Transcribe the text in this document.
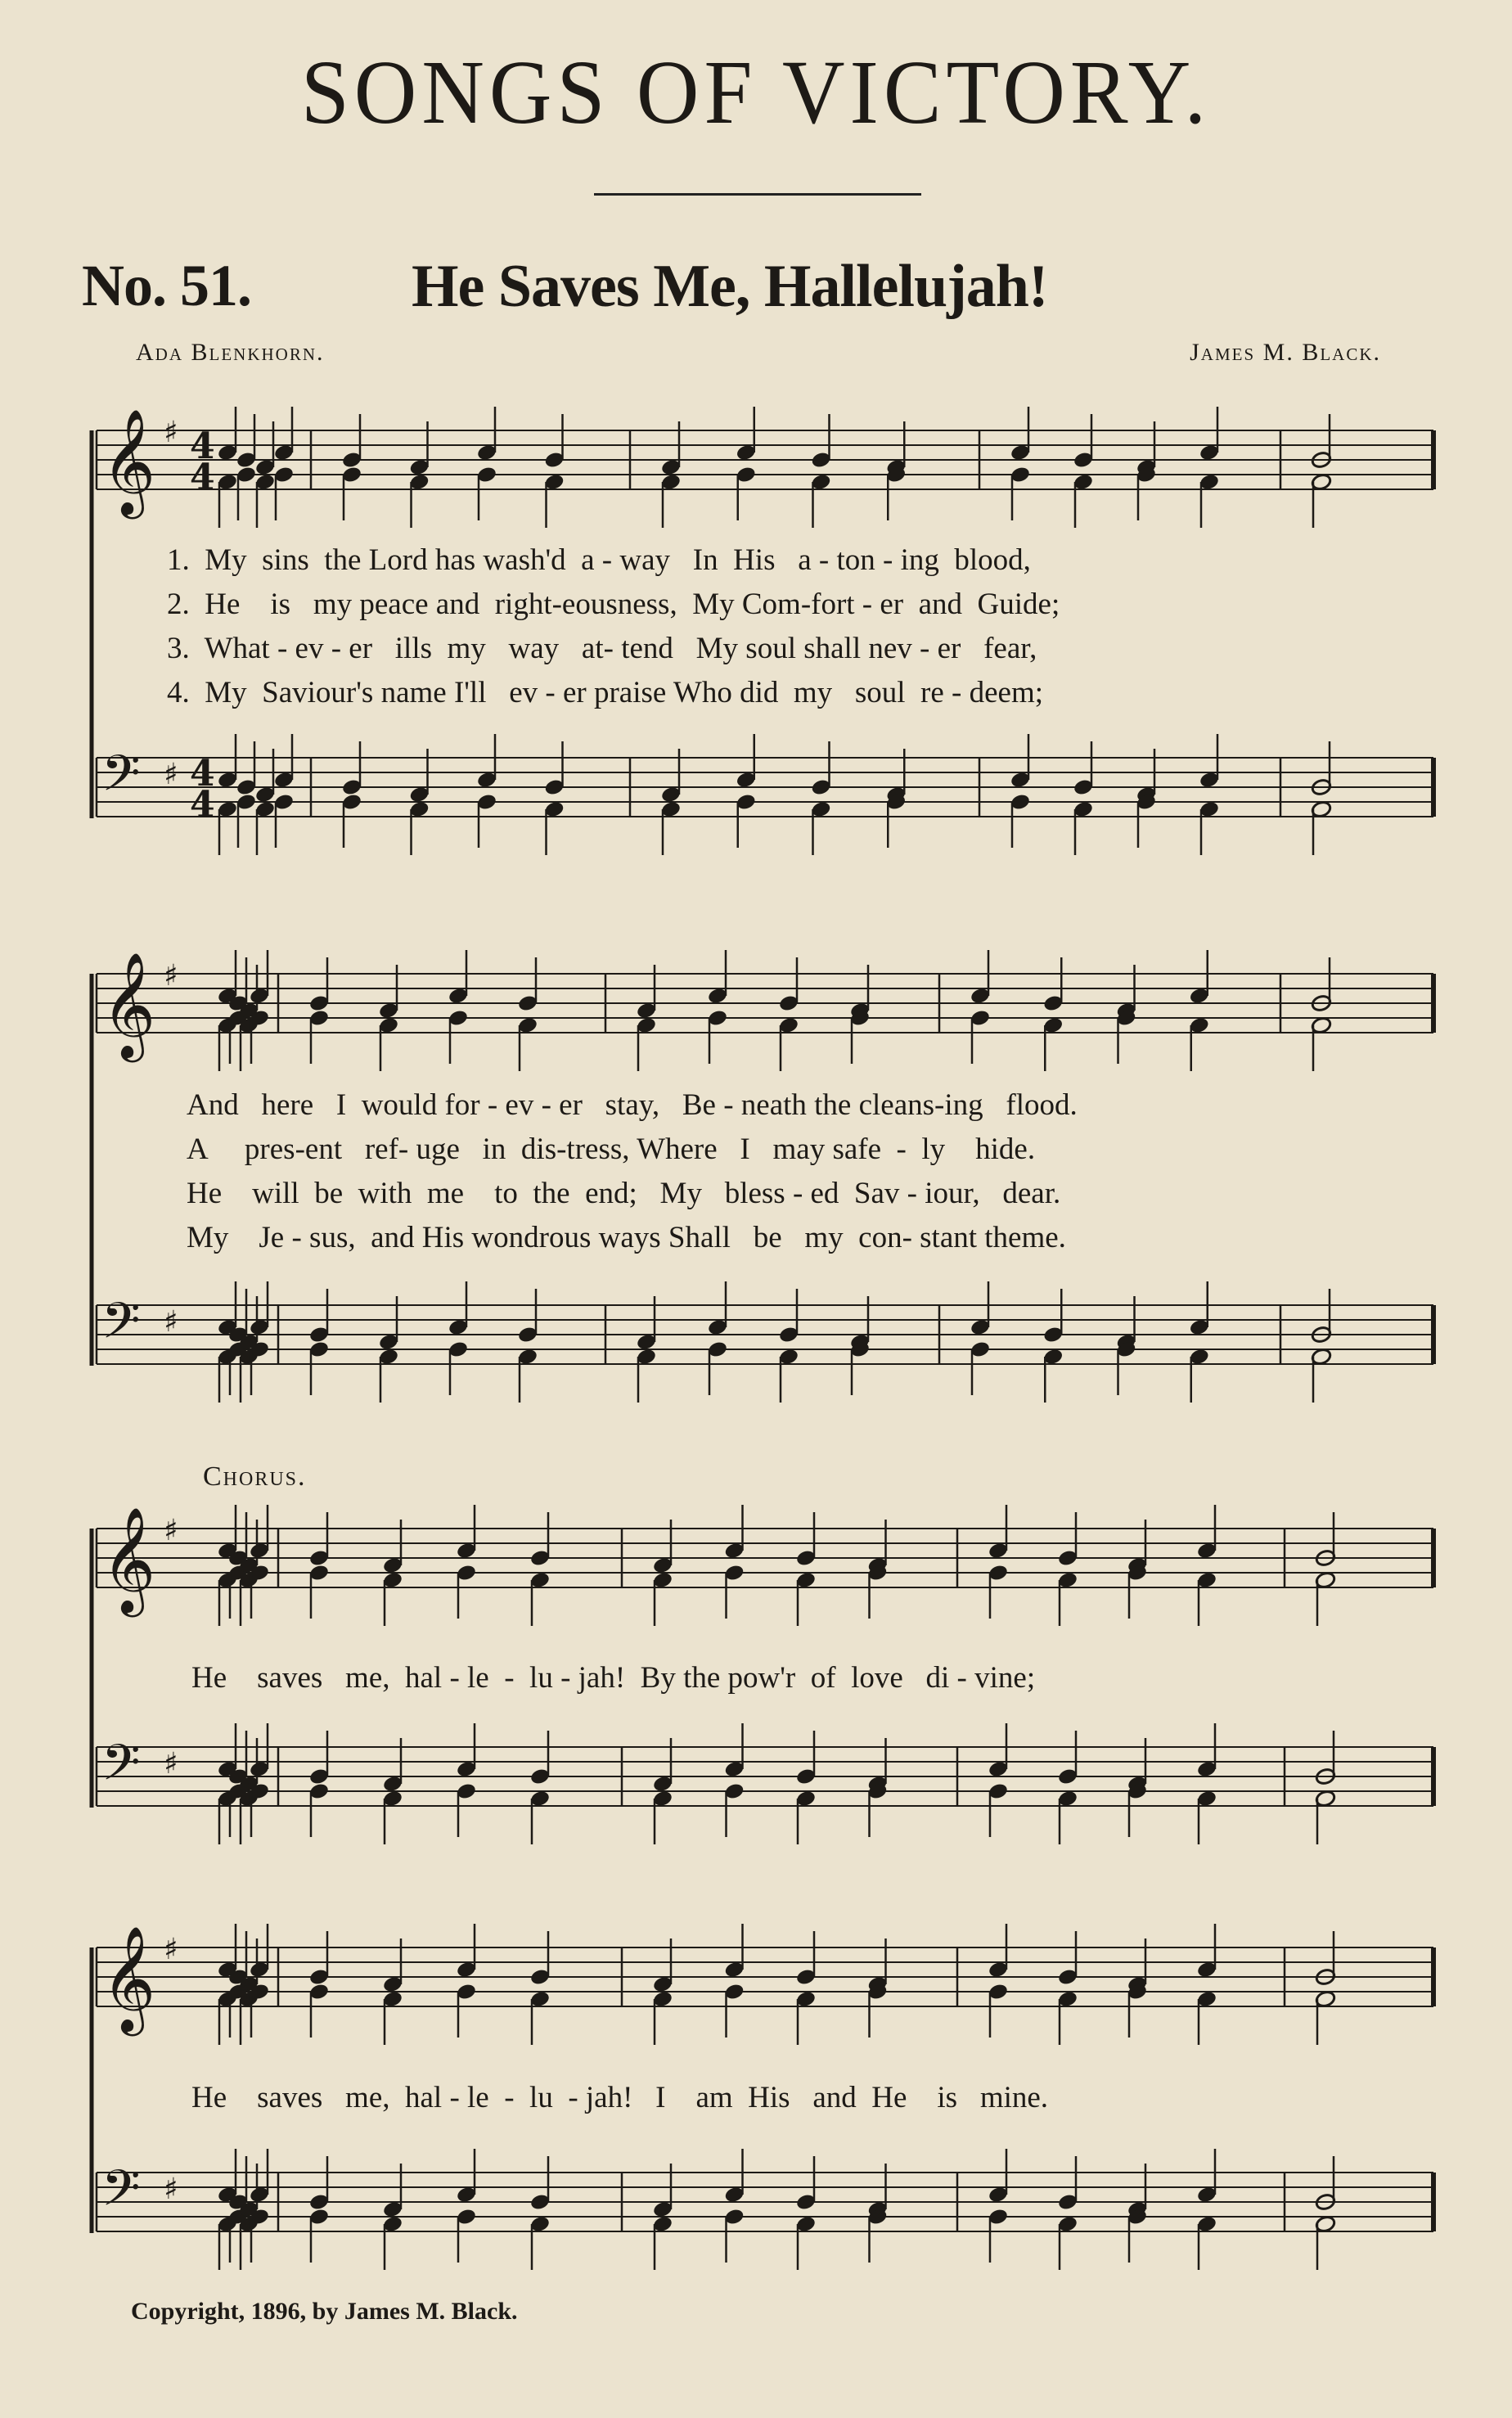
SONGS OF VICTORY.
No. 51.	He Saves Me, Hallelujah!
Ada Blenkhorn.	James M. Black.
𝄞 ♯
𝄢 ♯
𝄞 ♯
𝄢 ♯
𝄞 ♯
𝄢 ♯
𝄞 ♯
𝄢 ♯
4
4
4
4
1.  My  sins  the Lord has wash'd  a - way   In  His   a - ton - ing  blood,
2.  He    is   my peace and  right-eousness,  My Com-fort - er  and  Guide;
3.  What - ev - er   ills  my   way   at- tend   My soul shall nev - er   fear,
4.  My  Saviour's name I'll   ev - er praise Who did  my   soul  re - deem;
And   here   I  would for - ev - er   stay,   Be - neath the cleans-ing   flood.
A     pres-ent   ref- uge   in  dis-tress, Where   I   may safe  -  ly    hide.
He    will  be  with  me    to  the  end;   My   bless - ed  Sav - iour,   dear.
My    Je - sus,  and His wondrous ways Shall   be   my  con- stant theme.
Chorus.
He    saves   me,  hal - le  -  lu - jah!  By the pow'r  of  love   di - vine;
He    saves   me,  hal - le  -  lu  - jah!   I    am  His   and  He    is   mine.
Copyright, 1896, by James M. Black.
